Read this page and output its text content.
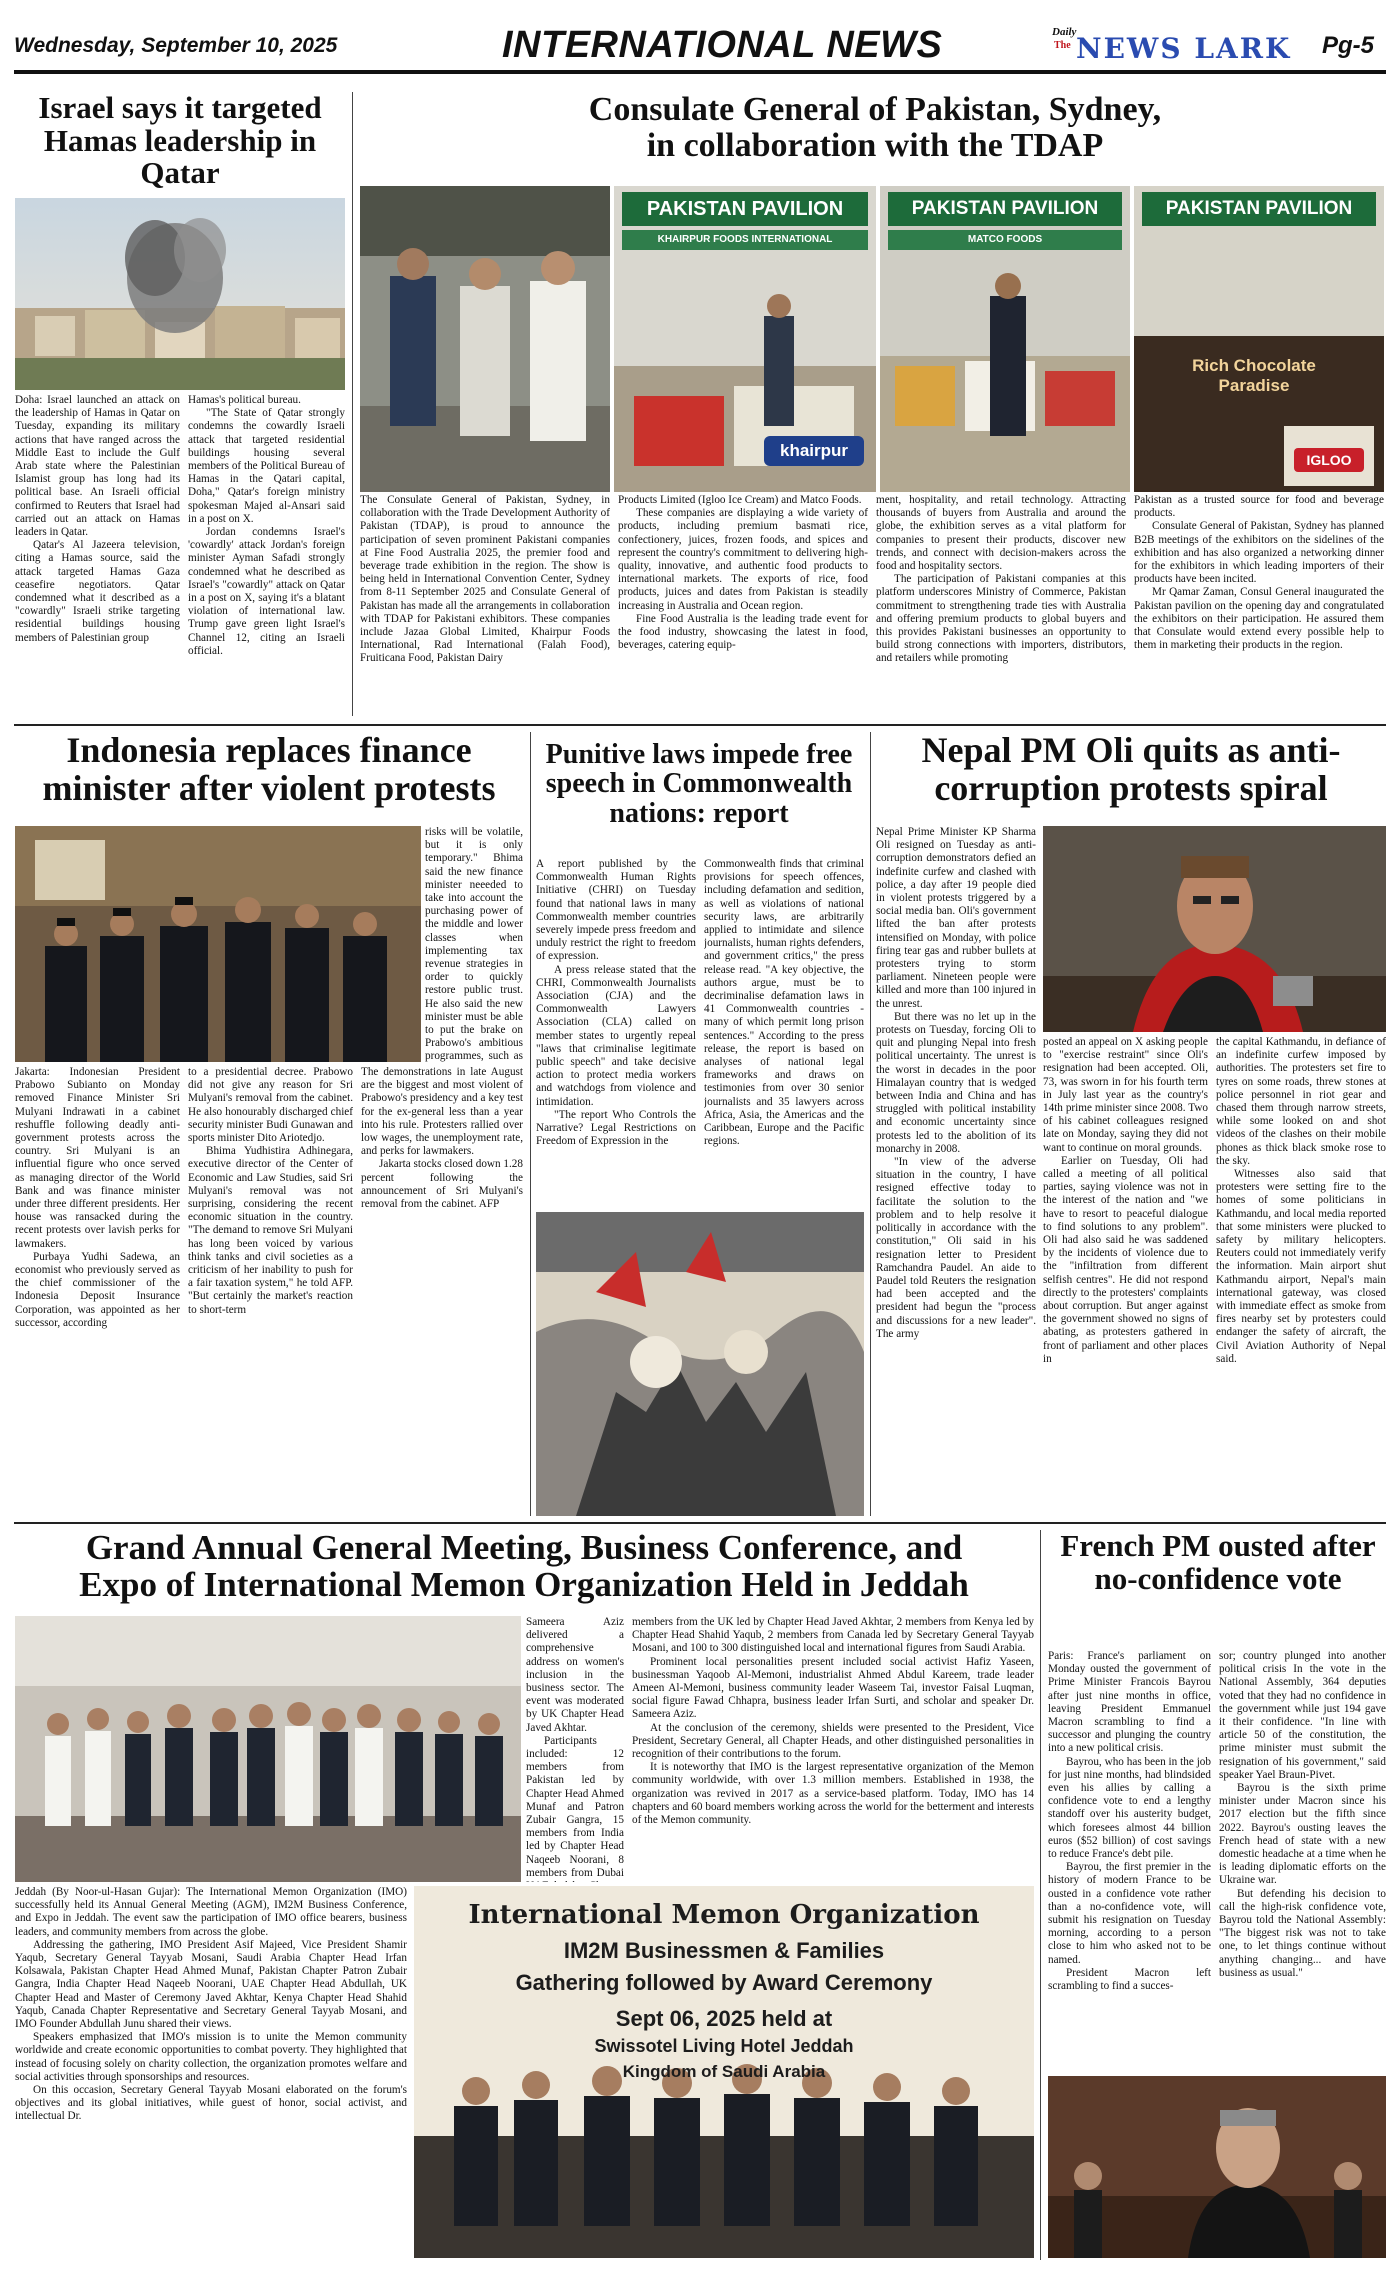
Wednesday, September 10, 2025	INTERNATIONAL NEWS	Daily
The NEWS LARK Pg-5
Israel says it targeted Hamas leadership in Qatar

Doha: Israel launched an attack on the leadership of Hamas in Qatar on Tuesday, expanding its military actions that have ranged across the Middle East to include the Gulf Arab state where the Palestinian Islamist group has long had its political base. An Israeli official confirmed to Reuters that Israel had carried out an attack on Hamas leaders in Qatar.

Qatar's Al Jazeera television, citing a Hamas source, said the attack targeted Hamas Gaza ceasefire negotiators. Qatar condemned what it described as a "cowardly" Israeli strike targeting residential buildings housing members of Palestinian group

Hamas's political bureau.

"The State of Qatar strongly condemns the cowardly Israeli attack that targeted residential buildings housing several members of the Political Bureau of Hamas in the Qatari capital, Doha," Qatar's foreign ministry spokesman Majed al-Ansari said in a post on X.

Jordan condemns Israel's 'cowardly' attack Jordan's foreign minister Ayman Safadi strongly condemned what he described as Israel's "cowardly" attack on Qatar in a post on X, saying it's a blatant violation of international law. Trump gave green light Israel's Channel 12, citing an Israeli official.

Consulate General of Pakistan, Sydney,
in collaboration with the TDAP
PAKISTAN PAVILION
KHAIRPUR FOODS INTERNATIONAL
khairpur
PAKISTAN PAVILION
MATCO FOODS
PAKISTAN PAVILION
Rich Chocolate Paradise
IGLOO

The Consulate General of Pakistan, Sydney, in collaboration with the Trade Development Authority of Pakistan (TDAP), is proud to announce the participation of seven prominent Pakistani companies at Fine Food Australia 2025, the premier food and beverage trade exhibition in the region. The show is being held in International Convention Center, Sydney from 8-11 September 2025 and Consulate General of Pakistan has made all the arrangements in collaboration with TDAP for Pakistani exhibitors. These companies include Jazaa Global Limited, Khairpur Foods International, Rad International (Falah Food), Fruiticana Food, Pakistan Dairy

Products Limited (Igloo Ice Cream) and Matco Foods.

These companies are displaying a wide variety of products, including premium basmati rice, confectionery, juices, frozen foods, and spices and represent the country's commitment to delivering high-quality, innovative, and authentic food products to international markets. The exports of rice, food products, juices and dates from Pakistan is steadily increasing in Australia and Ocean region.

Fine Food Australia is the leading trade event for the food industry, showcasing the latest in food, beverages, catering equip-

ment, hospitality, and retail technology. Attracting thousands of buyers from Australia and around the globe, the exhibition serves as a vital platform for companies to present their products, discover new trends, and connect with decision-makers across the food and hospitality sectors.

The participation of Pakistani companies at this platform underscores Ministry of Commerce, Pakistan commitment to strengthening trade ties with Australia and offering premium products to global buyers and this provides Pakistani businesses an opportunity to build strong connections with importers, distributors, and retailers while promoting

Pakistan as a trusted source for food and beverage products.

Consulate General of Pakistan, Sydney has planned B2B meetings of the exhibitors on the sidelines of the exhibition and has also organized a networking dinner for the exhibitors in which leading importers of their products have been incited.

Mr Qamar Zaman, Consul General inaugurated the Pakistan pavilion on the opening day and congratulated the exhibitors on their participation. He assured them that Consulate would extend every possible help to them in marketing their products in the region.

Indonesia replaces finance minister after violent protests

risks will be volatile, but it is only temporary." Bhima said the new finance minister neeeded to take into account the purchasing power of the middle and lower classes when implementing tax revenue strategies in order to quickly restore public trust. He also said the new minister must be able to put the brake on Prabowo's ambitious programmes, such as

Jakarta: Indonesian President Prabowo Subianto on Monday removed Finance Minister Sri Mulyani Indrawati in a cabinet reshuffle following deadly anti-government protests across the country. Sri Mulyani is an influential figure who once served as managing director of the World Bank and was finance minister under three different presidents. Her house was ransacked during the recent protests over lavish perks for lawmakers.

Purbaya Yudhi Sadewa, an economist who previously served as the chief commissioner of the Indonesia Deposit Insurance Corporation, was appointed as her successor, according

to a presidential decree. Prabowo did not give any reason for Sri Mulyani's removal from the cabinet. He also honourably discharged chief security minister Budi Gunawan and sports minister Dito Ariotedjo.

Bhima Yudhistira Adhinegara, executive director of the Center of Economic and Law Studies, said Sri Mulyani's removal was not surprising, considering the recent economic situation in the country. "The demand to remove Sri Mulyani has long been voiced by various think tanks and civil societies as a criticism of her inability to push for a fair taxation system," he told AFP. "But certainly the market's reaction to short-term

The demonstrations in late August are the biggest and most violent of Prabowo's presidency and a key test for the ex-general less than a year into his rule. Protesters rallied over low wages, the unemployment rate, and perks for lawmakers.

Jakarta stocks closed down 1.28 percent following the announcement of Sri Mulyani's removal from the cabinet. AFP

Punitive laws impede free speech in Commonwealth nations: report

A report published by the Commonwealth Human Rights Initiative (CHRI) on Tuesday found that national laws in many Commonwealth member countries severely impede press freedom and unduly restrict the right to freedom of expression.

A press release stated that the CHRI, Commonwealth Journalists Association (CJA) and the Commonwealth Lawyers Association (CLA) called on member states to urgently repeal "laws that criminalise legitimate public speech" and take decisive action to protect media workers and watchdogs from violence and intimidation.

"The report Who Controls the Narrative? Legal Restrictions on Freedom of Expression in the

Commonwealth finds that criminal provisions for speech offences, including defamation and sedition, as well as violations of national security laws, are arbitrarily applied to intimidate and silence journalists, human rights defenders, and government critics," the press release read. "A key objective, the authors argue, must be to decriminalise defamation laws in 41 Commonwealth countries - many of which permit long prison sentences." According to the press release, the report is based on analyses of national legal frameworks and draws on testimonies from over 30 senior journalists and 35 lawyers across Africa, Asia, the Americas and the Caribbean, Europe and the Pacific regions.

Nepal PM Oli quits as anti-corruption protests spiral

Nepal Prime Minister KP Sharma Oli resigned on Tuesday as anti-corruption demonstrators defied an indefinite curfew and clashed with police, a day after 19 people died in violent protests triggered by a social media ban. Oli's government lifted the ban after protests intensified on Monday, with police firing tear gas and rubber bullets at protesters trying to storm parliament. Nineteen people were killed and more than 100 injured in the unrest.

But there was no let up in the protests on Tuesday, forcing Oli to quit and plunging Nepal into fresh political uncertainty. The unrest is the worst in decades in the poor Himalayan country that is wedged between India and China and has struggled with political instability and economic uncertainty since protests led to the abolition of its monarchy in 2008.

"In view of the adverse situation in the country, I have resigned effective today to facilitate the solution to the problem and to help resolve it politically in accordance with the constitution," Oli said in his resignation letter to President Ramchandra Paudel. An aide to Paudel told Reuters the resignation had been accepted and the president had begun the "process and discussions for a new leader". The army

posted an appeal on X asking people to "exercise restraint" since Oli's resignation had been accepted. Oli, 73, was sworn in for his fourth term in July last year as the country's 14th prime minister since 2008. Two of his cabinet colleagues resigned late on Monday, saying they did not want to continue on moral grounds.

Earlier on Tuesday, Oli had called a meeting of all political parties, saying violence was not in the interest of the nation and "we have to resort to peaceful dialogue to find solutions to any problem". Oli had also said he was saddened by the incidents of violence due to the "infiltration from different selfish centres". He did not respond directly to the protesters' complaints about corruption. But anger against the government showed no signs of abating, as protesters gathered in front of parliament and other places in

the capital Kathmandu, in defiance of an indefinite curfew imposed by authorities. The protesters set fire to tyres on some roads, threw stones at police personnel in riot gear and chased them through narrow streets, while some looked on and shot videos of the clashes on their mobile phones as thick black smoke rose to the sky.

Witnesses also said that protesters were setting fire to the homes of some politicians in Kathmandu, and local media reported that some ministers were plucked to safety by military helicopters. Reuters could not immediately verify the information. Main airport shut Kathmandu airport, Nepal's main international gateway, was closed with immediate effect as smoke from fires nearby set by protesters could endanger the safety of aircraft, the Civil Aviation Authority of Nepal said.

Grand Annual General Meeting, Business Conference, and
Expo of International Memon Organization Held in Jeddah

Sameera Aziz delivered a comprehensive address on women's inclusion in the business sector. The event was moderated by UK Chapter Head Javed Akhtar.

Participants included: 12 members from Pakistan led by Chapter Head Ahmed Munaf and Patron Zubair Gangra, 15 members from India led by Chapter Head Naqeeb Noorani, 8 members from Dubai

members from the UK led by Chapter Head Javed Akhtar, 2 members from Kenya led by Chapter Head Shahid Yaqub, 2 members from Canada led by Secretary General Tayyab Mosani, and 100 to 300 distinguished local and international figures from Saudi Arabia.

Prominent local personalities present included social activist Hafiz Yaseen, businessman Yaqoob Al-Memoni, industrialist Ahmed Abdul Kareem, trade leader Ameen Al-Memoni, business community leader Waseem Tai, investor Faisal Luqman, social figure Fawad Chhapra, business leader Irfan Surti, and scholar and speaker Dr. Sameera Aziz.

At the conclusion of the ceremony, shields were presented to the President, Vice President, Secretary General, all Chapter Heads, and other distinguished personalities in recognition of their contributions to the forum.

It is noteworthy that IMO is the largest representative organization of the Memon community worldwide, with over 1.3 million members. Established in 1938, the organization was revived in 2017 as a service-based platform. Today, IMO has 14 chapters and 60 board members working across the world for the betterment and interests of the Memon community.

Jeddah (By Noor-ul-Hasan Gujar): The International Memon Organization (IMO) successfully held its Annual General Meeting (AGM), IM2M Business Conference, and Expo in Jeddah. The event saw the participation of IMO office bearers, business leaders, and community members from across the globe.

Addressing the gathering, IMO President Asif Majeed, Vice President Shamir Yaqub, Secretary General Tayyab Mosani, Saudi Arabia Chapter Head Irfan Kolsawala, Pakistan Chapter Head Ahmed Munaf, Pakistan Chapter Patron Zubair Gangra, India Chapter Head Naqeeb Noorani, UAE Chapter Head Abdullah, UK Chapter Head and Master of Ceremony Javed Akhtar, Kenya Chapter Head Shahid Yaqub, Canada Chapter Representative and Secretary General Tayyab Mosani, and IMO Founder Abdullah Junu shared their views.

Speakers emphasized that IMO's mission is to unite the Memon community worldwide and create economic opportunities to combat poverty. They highlighted that instead of focusing solely on charity collection, the organization promotes welfare and social activities through sponsorships and resources.

On this occasion, Secretary General Tayyab Mosani elaborated on the forum's objectives and its global initiatives, while guest of honor, social activist, and intellectual Dr.

International Memon Organization
IM2M Businessmen & Families
Gathering followed by Award Ceremony
Sept 06, 2025 held at
Swissotel Living Hotel Jeddah
Kingdom of Saudi Arabia
French PM ousted after no-confidence vote

Paris: France's parliament on Monday ousted the government of Prime Minister Francois Bayrou after just nine months in office, leaving President Emmanuel Macron scrambling to find a successor and plunging the country into a new political crisis.

Bayrou, who has been in the job for just nine months, had blindsided even his allies by calling a confidence vote to end a lengthy standoff over his austerity budget, which foresees almost 44 billion euros ($52 billion) of cost savings to reduce France's debt pile.

Bayrou, the first premier in the history of modern France to be ousted in a confidence vote rather than a no-confidence vote, will submit his resignation on Tuesday morning, according to a person close to him who asked not to be named.

President Macron left scrambling to find a succes-

sor; country plunged into another political crisis In the vote in the National Assembly, 364 deputies voted that they had no confidence in the government while just 194 gave it their confidence. "In line with article 50 of the constitution, the prime minister must submit the resignation of his government," said speaker Yael Braun-Pivet.

Bayrou is the sixth prime minister under Macron since his 2017 election but the fifth since 2022. Bayrou's ousting leaves the French head of state with a new domestic headache at a time when he is leading diplomatic efforts on the Ukraine war.

But defending his decision to call the high-risk confidence vote, Bayrou told the National Assembly: "The biggest risk was not to take one, to let things continue without anything changing... and have business as usual."
